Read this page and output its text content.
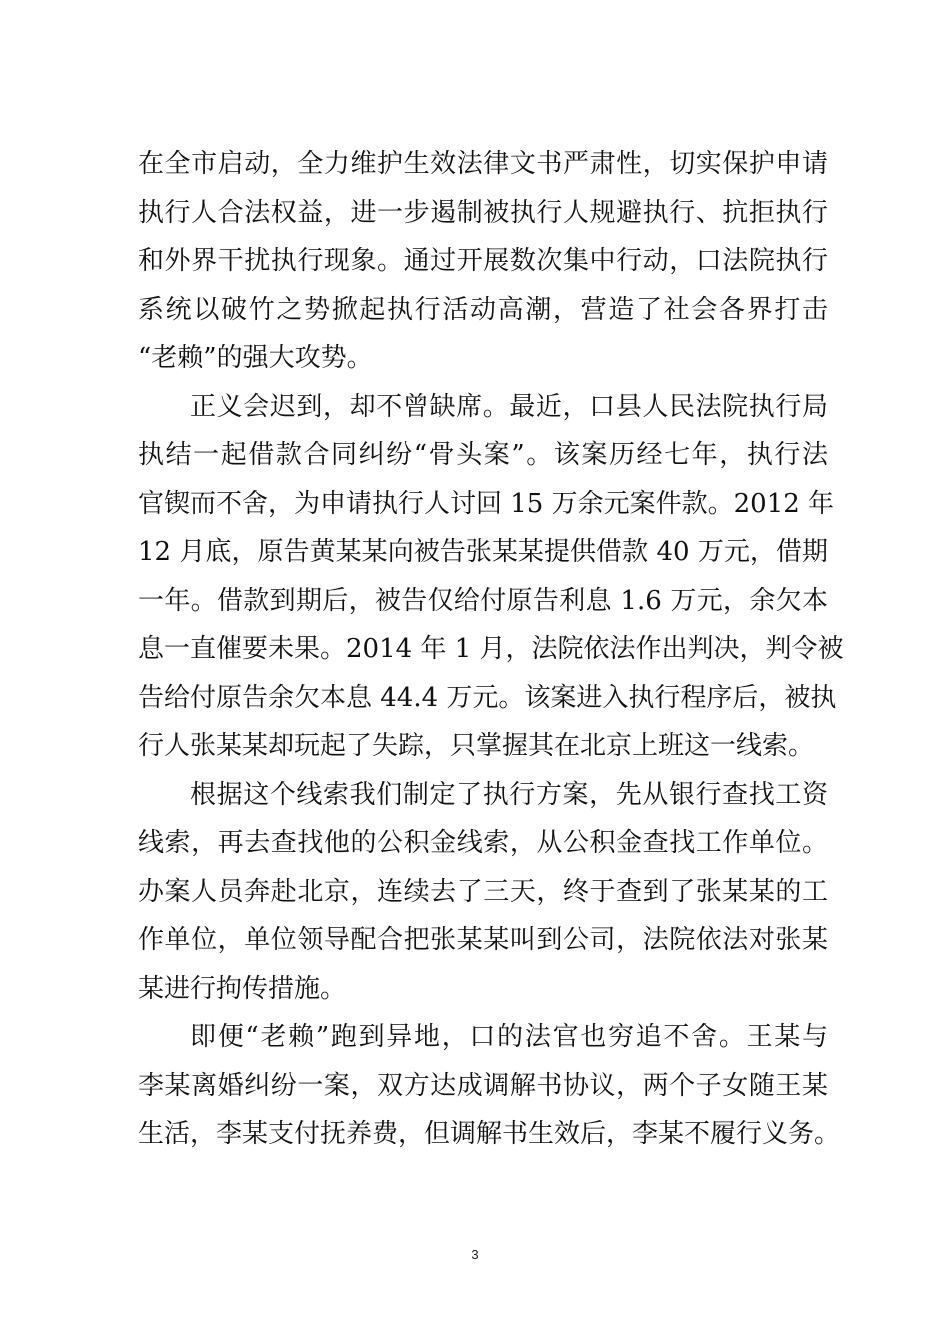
在全市启动，全力维护生效法律文书严肃性，切实保护申请
执行人合法权益，进一步遏制被执行人规避执行、抗拒执行
和外界干扰执行现象。通过开展数次集中行动，口法院执行
系统以破竹之势掀起执行活动高潮，营造了社会各界打击
“老赖”的强大攻势。
正义会迟到，却不曾缺席。最近，口县人民法院执行局
执结一起借款合同纠纷“骨头案”。该案历经七年，执行法
官锲而不舍，为申请执行人讨回 15 万余元案件款。2012 年
12 月底，原告黄某某向被告张某某提供借款 40 万元，借期
一年。借款到期后，被告仅给付原告利息 1.6 万元，余欠本
息一直催要未果。2014 年 1 月，法院依法作出判决，判令被
告给付原告余欠本息 44.4 万元。该案进入执行程序后，被执
行人张某某却玩起了失踪，只掌握其在北京上班这一线索。
根据这个线索我们制定了执行方案，先从银行查找工资
线索，再去查找他的公积金线索，从公积金查找工作单位。
办案人员奔赴北京，连续去了三天，终于查到了张某某的工
作单位，单位领导配合把张某某叫到公司，法院依法对张某
某进行拘传措施。
即便“老赖”跑到异地，口的法官也穷追不舍。王某与
李某离婚纠纷一案，双方达成调解书协议，两个子女随王某
生活，李某支付抚养费，但调解书生效后，李某不履行义务。
3
